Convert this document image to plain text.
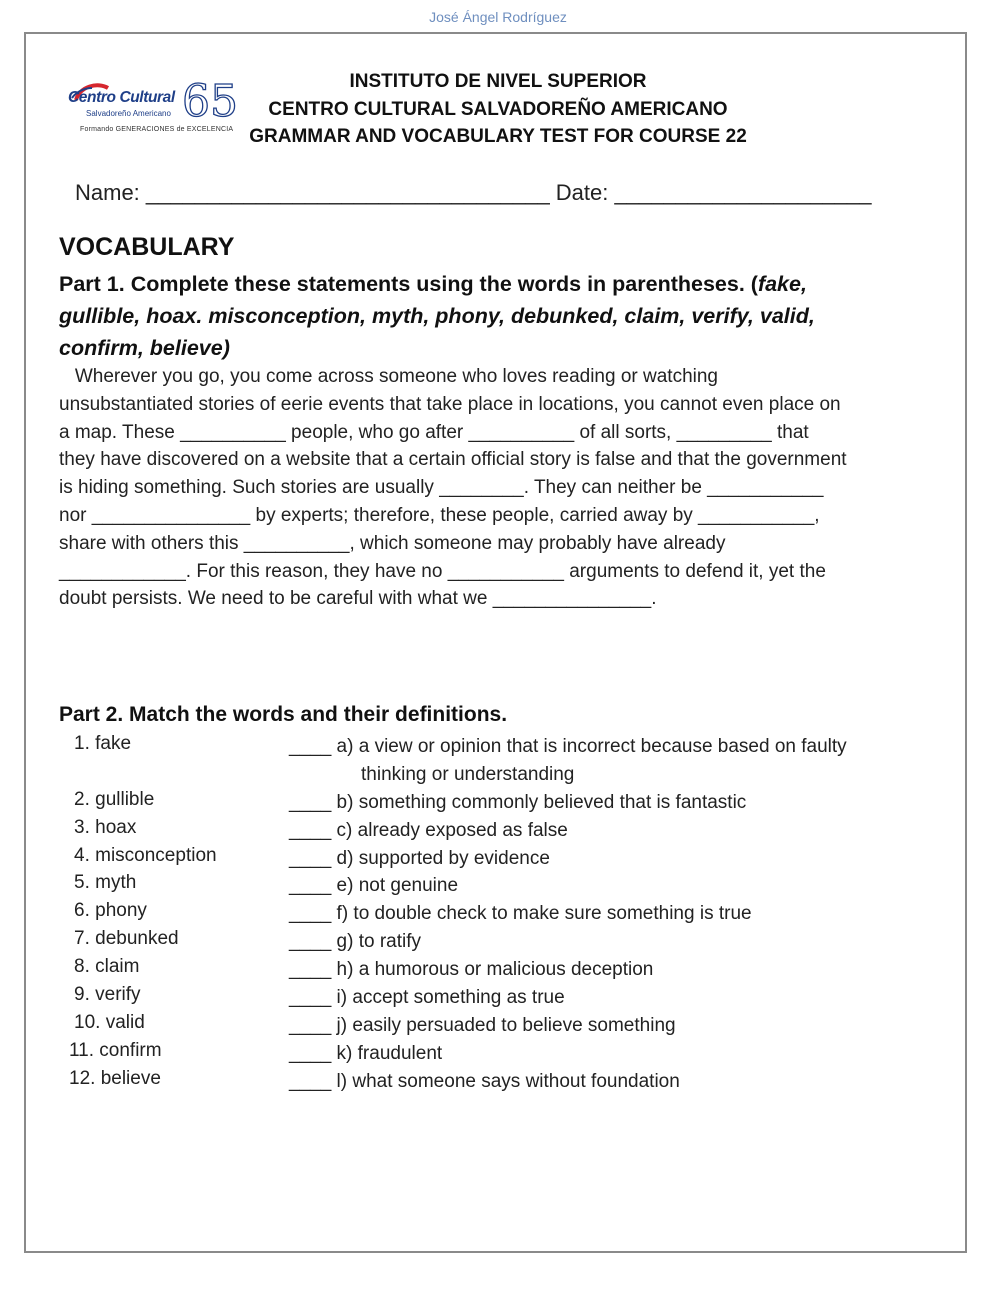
José Ángel Rodríguez
65
Centro Cultural
Salvadoreño Americano
Formando GENERACIONES de EXCELENCIA
INSTITUTO DE NIVEL SUPERIOR
CENTRO CULTURAL SALVADOREÑO AMERICANO
GRAMMAR AND VOCABULARY TEST FOR COURSE 22
Name: _________________________________ Date: _____________________
VOCABULARY
Part 1. Complete these statements using the words in parentheses. (fake,
gullible, hoax. misconception, myth, phony, debunked, claim, verify, valid,
confirm, believe)
Wherever you go, you come across someone who loves reading or watching
unsubstantiated stories of eerie events that take place in locations, you cannot even place on
a map. These __________ people, who go after __________ of all sorts, _________ that
they have discovered on a website that a certain official story is false and that the government
is hiding something. Such stories are usually ________. They can neither be ___________
nor _______________ by experts; therefore, these people, carried away by ___________,
share with others this __________, which someone may probably have already
____________. For this reason, they have no ___________ arguments to defend it, yet the
doubt persists. We need to be careful with what we _______________.
Part 2. Match the words and their definitions.
1. fake	____ a) a view or opinion that is incorrect because based on faulty
thinking or understanding
2. gullible	____ b) something commonly believed that is fantastic
3. hoax	____ c) already exposed as false
4. misconception	____ d) supported by evidence
5. myth	____ e) not genuine
6. phony	____ f) to double check to make sure something is true
7. debunked	____ g) to ratify
8. claim	____ h) a humorous or malicious deception
9. verify	____ i) accept something as true
10. valid	____ j) easily persuaded to believe something
11. confirm	____ k) fraudulent
12. believe	____ l) what someone says without foundation
